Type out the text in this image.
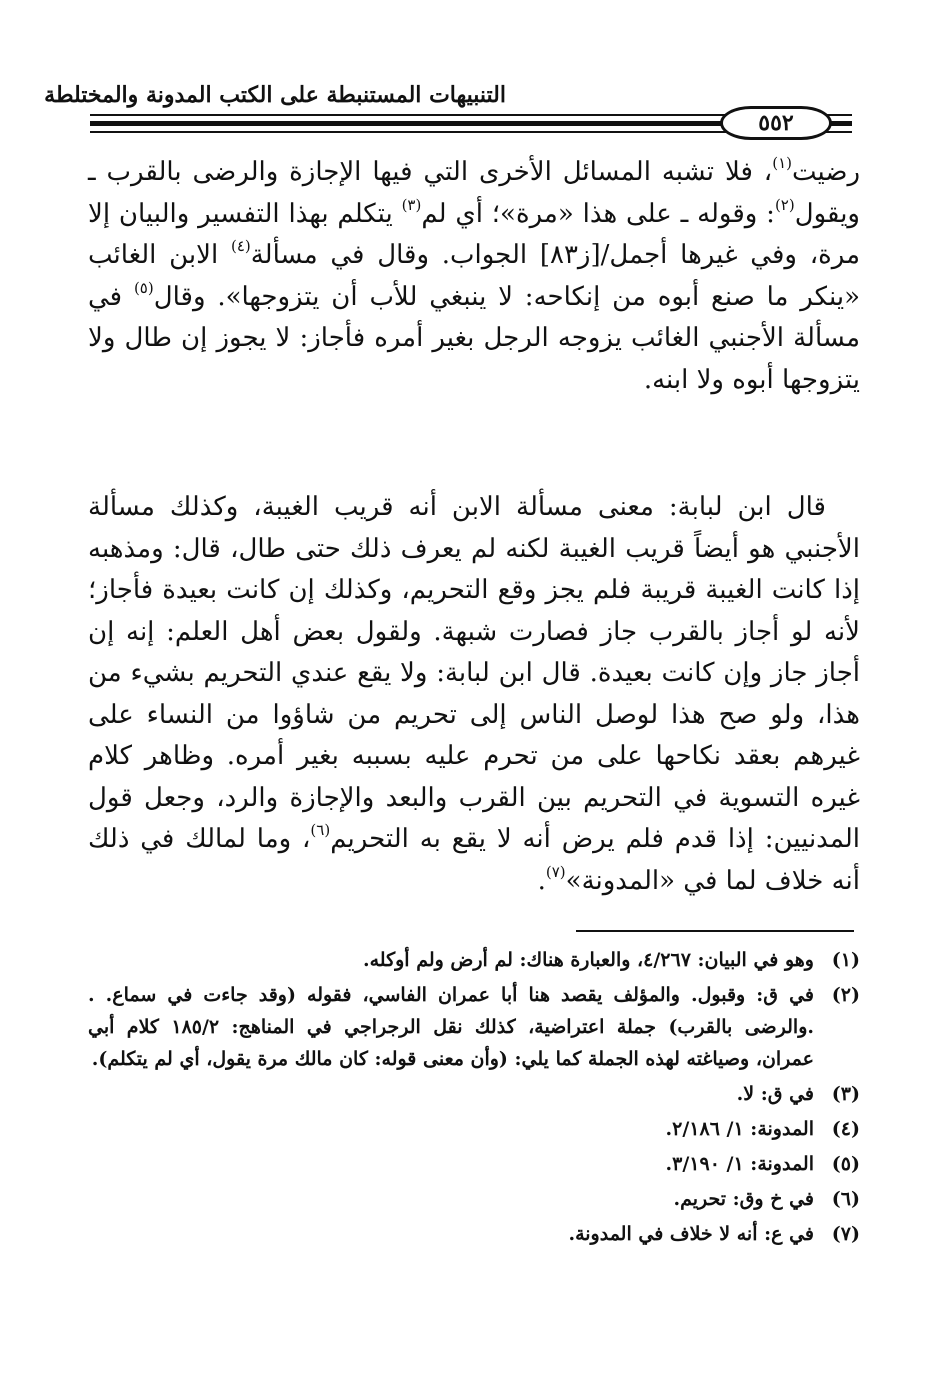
التنبيهات المستنبطة على الكتب المدونة والمختلطة
٥٥٢

رضيت$^{(١)}$، فلا تشبه المسائل الأخرى التي فيها الإجازة والرضى بالقرب ـ ويقول$^{(٢)}$: وقوله ـ على هذا «مرة»؛ أي لم$^{(٣)}$ يتكلم بهذا التفسير والبيان إلا مرة، وفي غيرها أجمل/[ز٨٣] الجواب. وقال في مسألة$^{(٤)}$ الابن الغائب «ينكر ما صنع أبوه من إنكاحه: لا ينبغي للأب أن يتزوجها». وقال$^{(٥)}$ في مسألة الأجنبي الغائب يزوجه الرجل بغير أمره فأجاز: لا يجوز إن طال ولا يتزوجها أبوه ولا ابنه.

قال ابن لبابة: معنى مسألة الابن أنه قريب الغيبة، وكذلك مسألة الأجنبي هو أيضاً قريب الغيبة لكنه لم يعرف ذلك حتى طال، قال: ومذهبه إذا كانت الغيبة قريبة فلم يجز وقع التحريم، وكذلك إن كانت بعيدة فأجاز؛ لأنه لو أجاز بالقرب جاز فصارت شبهة. ولقول بعض أهل العلم: إنه إن أجاز جاز وإن كانت بعيدة. قال ابن لبابة: ولا يقع عندي التحريم بشيء من هذا، ولو صح هذا لوصل الناس إلى تحريم من شاؤوا من النساء على غيرهم بعقد نكاحها على من تحرم عليه بسببه بغير أمره. وظاهر كلام غيره التسوية في التحريم بين القرب والبعد والإجازة والرد، وجعل قول المدنيين: إذا قدم فلم يرض أنه لا يقع به التحريم$^{(٦)}$، وما لمالك في ذلك أنه خلاف لما في «المدونة»$^{(٧)}$.

(١)
وهو في البيان: ٤/٢٦٧، والعبارة هناك: لم أرض ولم أوكله.
(٢)
في ق: وقبول. والمؤلف يقصد هنا أبا عمران الفاسي، فقوله (وقد جاءت في سماع. . .والرضى بالقرب) جملة اعتراضية، كذلك نقل الرجراجي في المناهج: ١٨٥/٢ كلام أبي عمران، وصياغته لهذه الجملة كما يلي: (وأن معنى قوله: كان مالك مرة يقول، أي لم يتكلم).
(٣)
في ق: لا.
(٤)
المدونة: ١/ ٢/١٨٦.
(٥)
المدونة: ١/ ٣/١٩٠.
(٦)
في خ وق: تحريم.
(٧)
في ع: أنه لا خلاف في المدونة.
